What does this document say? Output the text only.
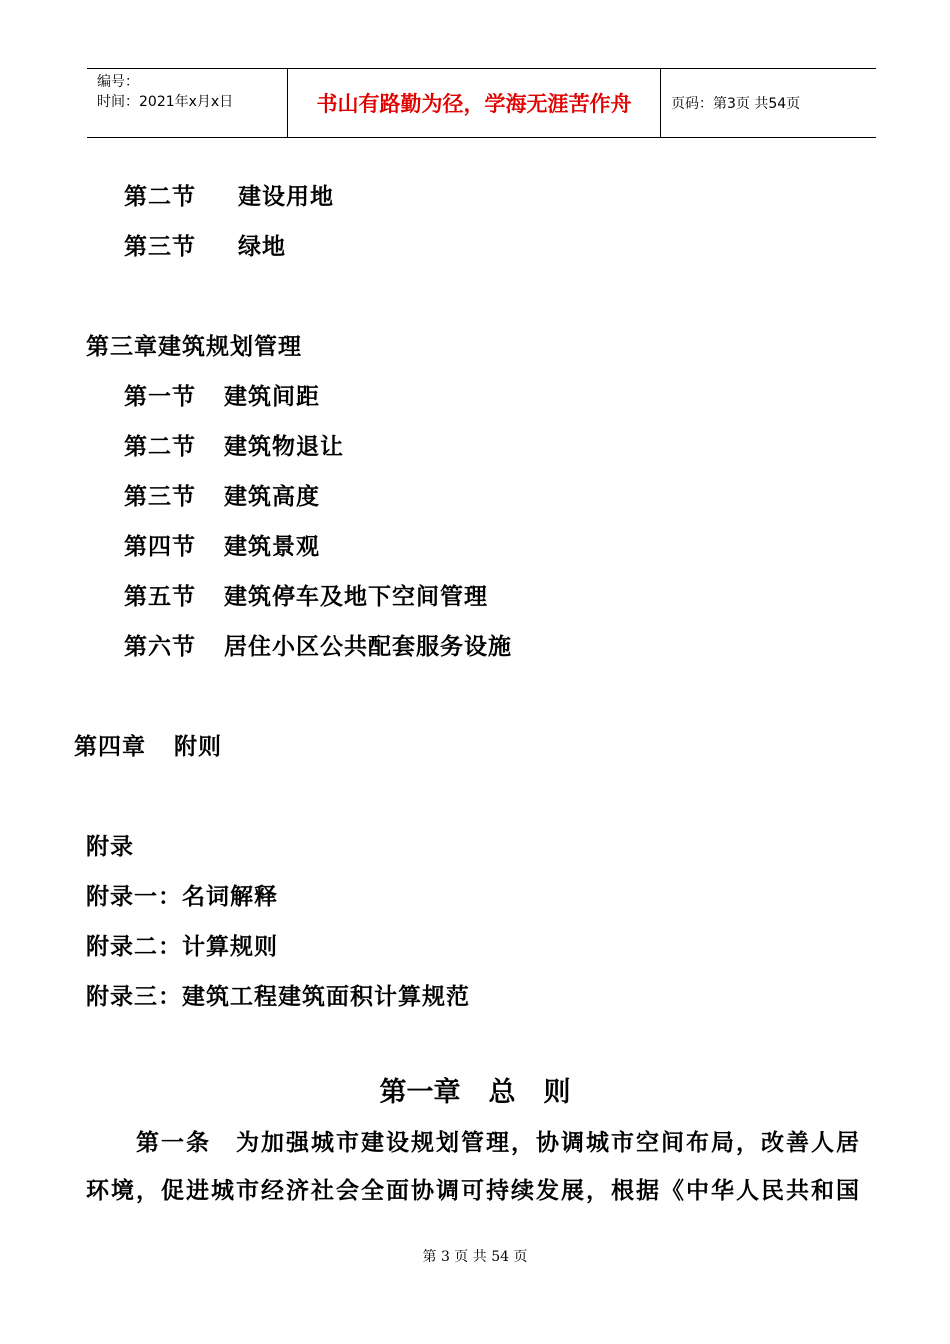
编号：
时间：2021年x月x日	书山有路勤为径，学海无涯苦作舟	页码：第3页 共54页
第二节 建设用地
第三节 绿地
第三章建筑规划管理
第一节 建筑间距
第二节 建筑物退让
第三节 建筑高度
第四节 建筑景观
第五节 建筑停车及地下空间管理
第六节 居住小区公共配套服务设施
第四章 附则
附录
附录一：名词解释
附录二：计算规则
附录三：建筑工程建筑面积计算规范
第一章 总 则
第一条　为加强城市建设规划管理，协调城市空间布局，改善人居
环境，促进城市经济社会全面协调可持续发展，根据《中华人民共和国
第 3 页 共 54 页
